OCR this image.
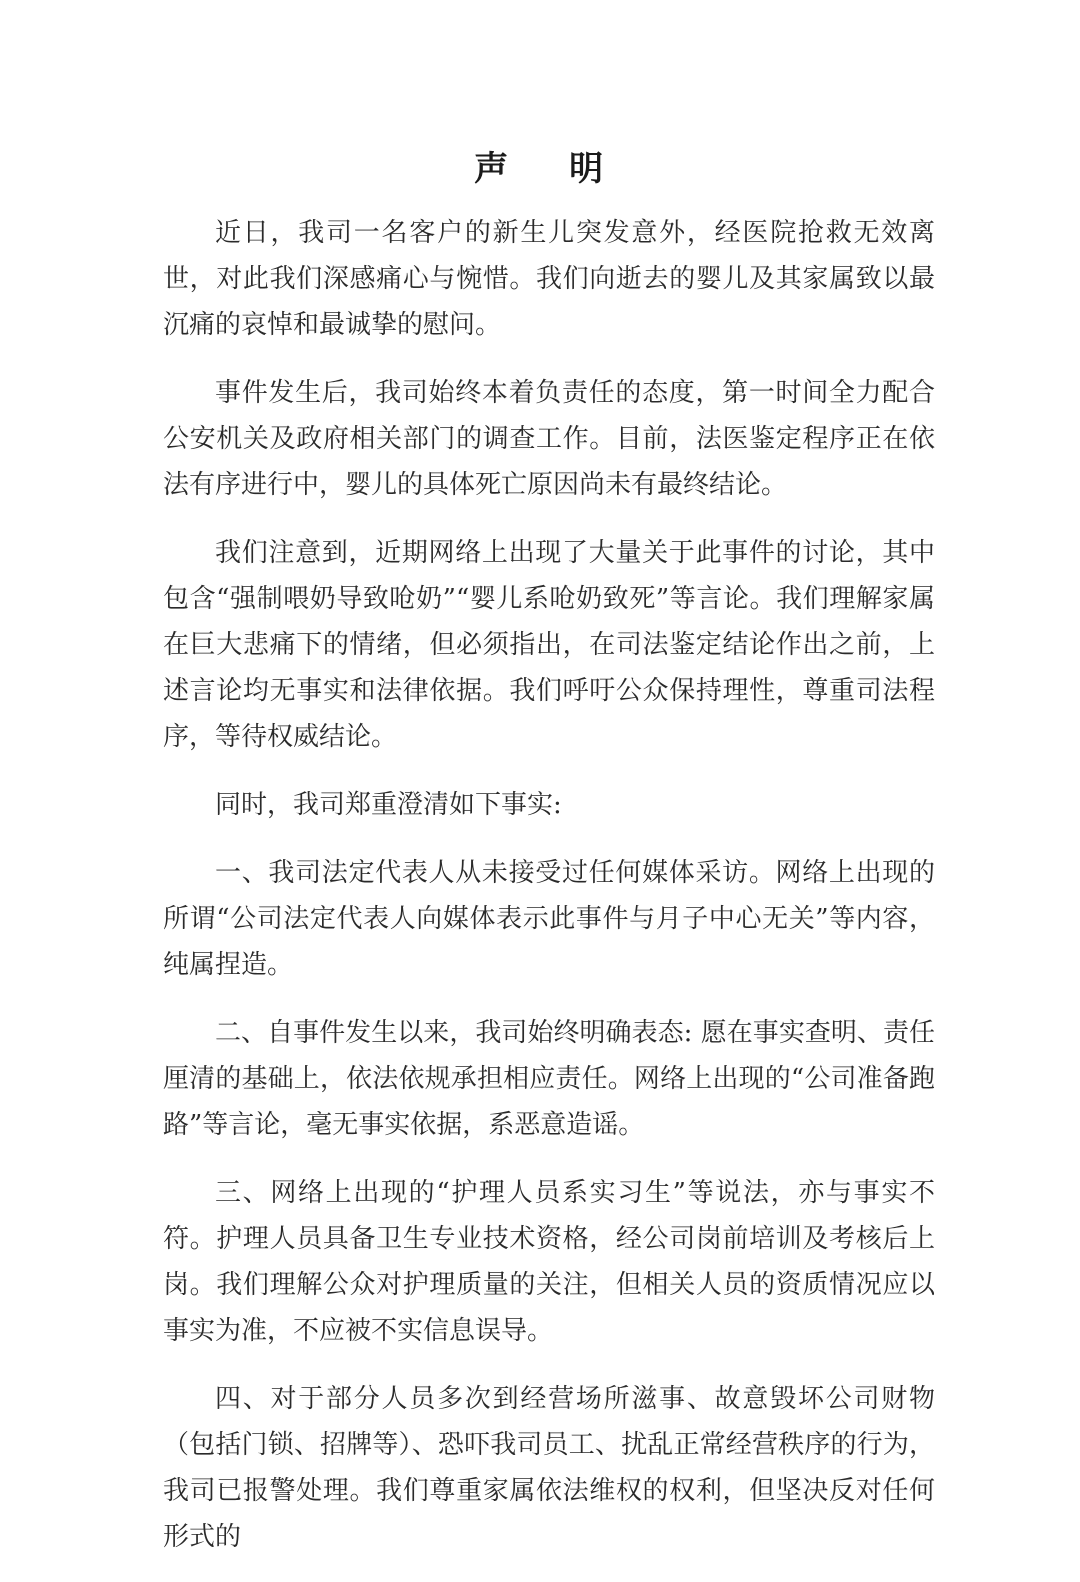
声    明

近日，我司一名客户的新生儿突发意外，经医院抢救无效离世，对此我们深感痛心与惋惜。我们向逝去的婴儿及其家属致以最沉痛的哀悼和最诚挚的慰问。

事件发生后，我司始终本着负责任的态度，第一时间全力配合公安机关及政府相关部门的调查工作。目前，法医鉴定程序正在依法有序进行中，婴儿的具体死亡原因尚未有最终结论。

我们注意到，近期网络上出现了大量关于此事件的讨论，其中包含“强制喂奶导致呛奶”“婴儿系呛奶致死”等言论。我们理解家属在巨大悲痛下的情绪，但必须指出，在司法鉴定结论作出之前，上述言论均无事实和法律依据。我们呼吁公众保持理性，尊重司法程序，等待权威结论。

同时，我司郑重澄清如下事实:

一、我司法定代表人从未接受过任何媒体采访。网络上出现的所谓“公司法定代表人向媒体表示此事件与月子中心无关”等内容，纯属捏造。

二、自事件发生以来，我司始终明确表态: 愿在事实查明、责任厘清的基础上，依法依规承担相应责任。网络上出现的“公司准备跑路”等言论，毫无事实依据，系恶意造谣。

三、网络上出现的“护理人员系实习生”等说法，亦与事实不符。护理人员具备卫生专业技术资格，经公司岗前培训及考核后上岗。我们理解公众对护理质量的关注，但相关人员的资质情况应以事实为准，不应被不实信息误导。

四、对于部分人员多次到经营场所滋事、故意毁坏公司财物（包括门锁、招牌等）、恐吓我司员工、扰乱正常经营秩序的行为，我司已报警处理。我们尊重家属依法维权的权利，但坚决反对任何形式的
